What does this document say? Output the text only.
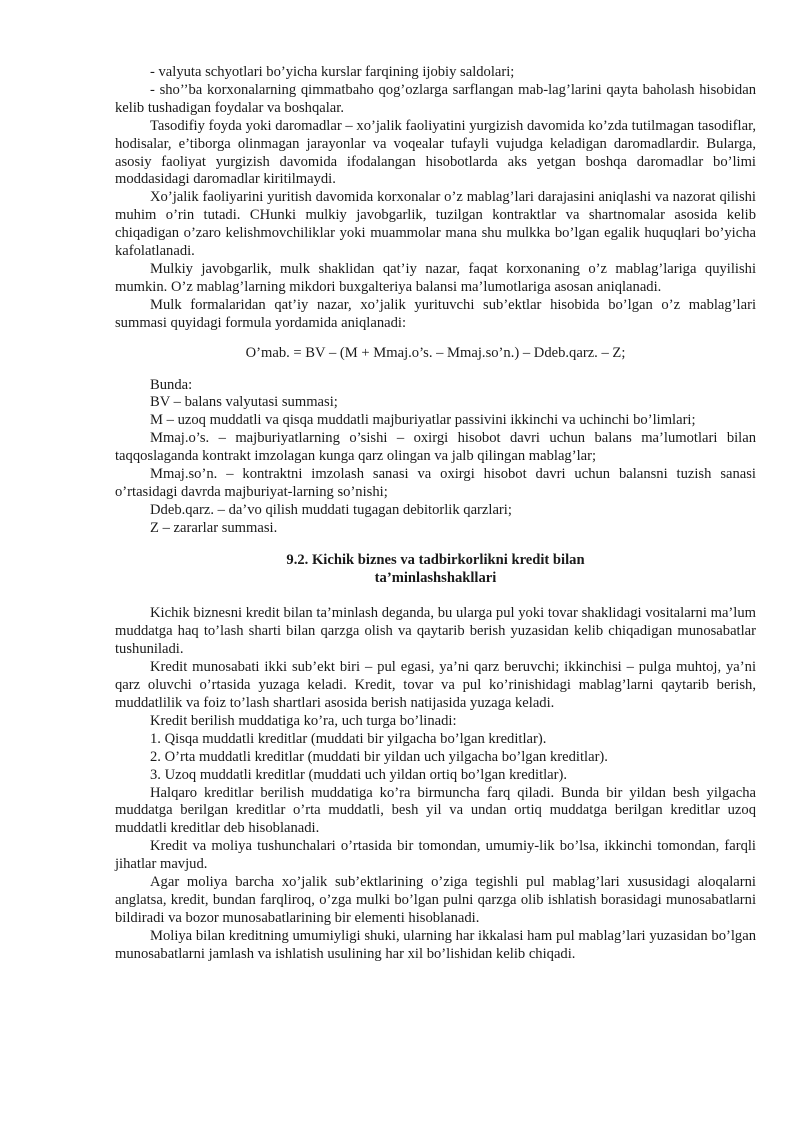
- valyuta schyotlari bo’yicha kurslar farqining ijobiy saldolari;

- sho’’ba korxonalarning qimmatbaho qog’ozlarga sarflangan mab-lag’larini qayta baholash hisobidan kelib tushadigan foydalar va boshqalar.

Tasodifiy foyda yoki daromadlar – xo’jalik faoliyatini yurgizish davomida ko’zda tutilmagan tasodiflar, hodisalar, e’tiborga olinmagan jarayonlar va voqealar tufayli vujudga keladigan daromadlardir. Bularga, asosiy faoliyat yurgizish davomida ifodalangan hisobotlarda aks yetgan boshqa daromadlar bo’limi moddasidagi daromadlar kiritilmaydi.

Xo’jalik faoliyarini yuritish davomida korxonalar o’z mablag’lari darajasini aniqlashi va nazorat qilishi muhim o’rin tutadi. CHunki mulkiy javobgarlik, tuzilgan kontraktlar va shartnomalar asosida kelib chiqadigan o’zaro kelishmovchiliklar yoki muammolar mana shu mulkka bo’lgan egalik huquqlari bo’yicha kafolatlanadi.

Mulkiy javobgarlik, mulk shaklidan qat’iy nazar, faqat korxonaning o’z mablag’lariga quyilishi mumkin. O’z mablag’larning mikdori buxgalteriya balansi ma’lumotlariga asosan aniqlanadi.

Mulk formalaridan qat’iy nazar, xo’jalik yurituvchi sub’ektlar hisobida bo’lgan o’z mablag’lari summasi quyidagi formula yordamida aniqlanadi:

O’mab. = BV – (M + Mmaj.o’s. – Mmaj.so’n.) – Ddeb.qarz. – Z;

Bunda:

BV – balans valyutasi summasi;

M – uzoq muddatli va qisqa muddatli majburiyatlar passivini ikkinchi va uchinchi bo’limlari;

Mmaj.o’s. – majburiyatlarning o’sishi – oxirgi hisobot davri uchun balans ma’lumotlari bilan taqqoslaganda kontrakt imzolagan kunga qarz olingan va jalb qilingan mablag’lar;

Mmaj.so’n. – kontraktni imzolash sanasi va oxirgi hisobot davri uchun balansni tuzish sanasi o’rtasidagi davrda majburiyat-larning so’nishi;

Ddeb.qarz. – da’vo qilish muddati tugagan debitorlik qarzlari;

Z – zararlar summasi.

9.2. Kichik biznes va tadbirkorlikni kredit bilan
ta’minlashshakllari

Kichik biznesni kredit bilan ta’minlash deganda, bu ularga pul yoki tovar shaklidagi vositalarni ma’lum muddatga haq to’lash sharti bilan qarzga olish va qaytarib berish yuzasidan kelib chiqadigan munosabatlar tushuniladi.

Kredit munosabati ikki sub’ekt biri – pul egasi, ya’ni qarz beruvchi; ikkinchisi – pulga muhtoj, ya’ni qarz oluvchi o’rtasida yuzaga keladi. Kredit, tovar va pul ko’rinishidagi mablag’larni qaytarib berish, muddatlilik va foiz to’lash shartlari asosida berish natijasida yuzaga keladi.

Kredit berilish muddatiga ko’ra, uch turga bo’linadi:

1. Qisqa muddatli kreditlar (muddati bir yilgacha bo’lgan kreditlar).

2. O’rta muddatli kreditlar (muddati bir yildan uch yilgacha bo’lgan kreditlar).

3. Uzoq muddatli kreditlar (muddati uch yildan ortiq bo’lgan kreditlar).

Halqaro kreditlar berilish muddatiga ko’ra birmuncha farq qiladi. Bunda bir yildan besh yilgacha muddatga berilgan kreditlar o’rta muddatli, besh yil va undan ortiq muddatga berilgan kreditlar uzoq muddatli kreditlar deb hisoblanadi.

Kredit va moliya tushunchalari o’rtasida bir tomondan, umumiy-lik bo’lsa, ikkinchi tomondan, farqli jihatlar mavjud.

Agar moliya barcha xo’jalik sub’ektlarining o’ziga tegishli pul mablag’lari xususidagi aloqalarni anglatsa, kredit, bundan farqliroq, o’zga mulki bo’lgan pulni qarzga olib ishlatish borasidagi munosabatlarni bildiradi va bozor munosabatlarining bir elementi hisoblanadi.

Moliya bilan kreditning umumiyligi shuki, ularning har ikkalasi ham pul mablag’lari yuzasidan bo’lgan munosabatlarni jamlash va ishlatish usulining har xil bo’lishidan kelib chiqadi.
